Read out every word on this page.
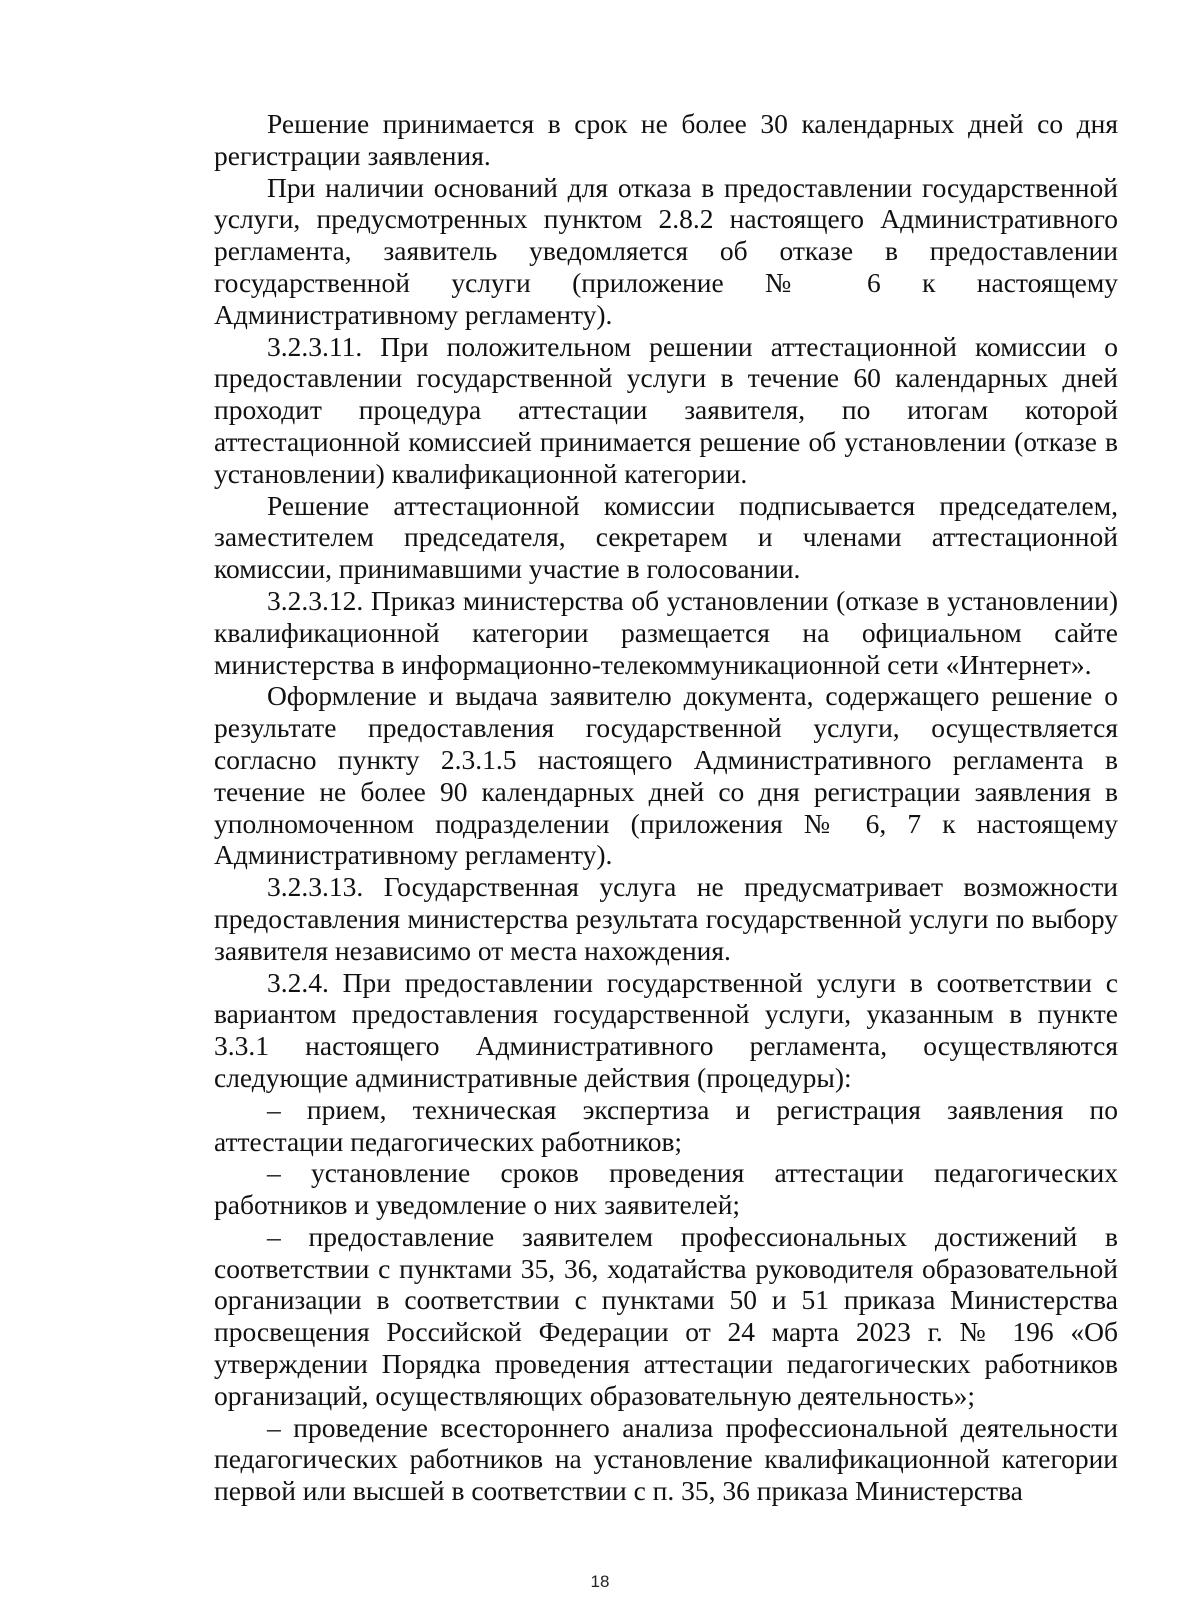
Решение принимается в срок не более 30 календарных дней со дня регистрации заявления.

При наличии оснований для отказа в предоставлении государственной услуги, предусмотренных пунктом 2.8.2 настоящего Административного регламента, заявитель уведомляется об отказе в предоставлении государственной услуги (приложение № 6 к настоящему Административному регламенту).

3.2.3.11. При положительном решении аттестационной комиссии о предоставлении государственной услуги в течение 60 календарных дней проходит процедура аттестации заявителя, по итогам которой аттестационной комиссией принимается решение об установлении (отказе в установлении) квалификационной категории.

Решение аттестационной комиссии подписывается председателем, заместителем председателя, секретарем и членами аттестационной комиссии, принимавшими участие в голосовании.

3.2.3.12. Приказ министерства об установлении (отказе в установлении) квалификационной категории размещается на официальном сайте министерства в информационно-телекоммуникационной сети «Интернет».

Оформление и выдача заявителю документа, содержащего решение о результате предоставления государственной услуги, осуществляется согласно пункту 2.3.1.5 настоящего Административного регламента в течение не более 90 календарных дней со дня регистрации заявления в уполномоченном подразделении (приложения № 6, 7 к настоящему Административному регламенту).

3.2.3.13. Государственная услуга не предусматривает возможности предоставления министерства результата государственной услуги по выбору заявителя независимо от места нахождения.

3.2.4. При предоставлении государственной услуги в соответствии с вариантом предоставления государственной услуги, указанным в пункте 3.3.1 настоящего Административного регламента, осуществляются следующие административные действия (процедуры):

– прием, техническая экспертиза и регистрация заявления по аттестации педагогических работников;

– установление сроков проведения аттестации педагогических работников и уведомление о них заявителей;

– предоставление заявителем профессиональных достижений в соответствии с пунктами 35, 36, ходатайства руководителя образовательной организации в соответствии с пунктами 50 и 51 приказа Министерства просвещения Российской Федерации от 24 марта 2023 г. № 196 «Об утверждении Порядка проведения аттестации педагогических работников организаций, осуществляющих образовательную деятельность»;

– проведение всестороннего анализа профессиональной деятельности педагогических работников на установление квалификационной категории первой или высшей в соответствии с п. 35, 36 приказа Министерства

18
